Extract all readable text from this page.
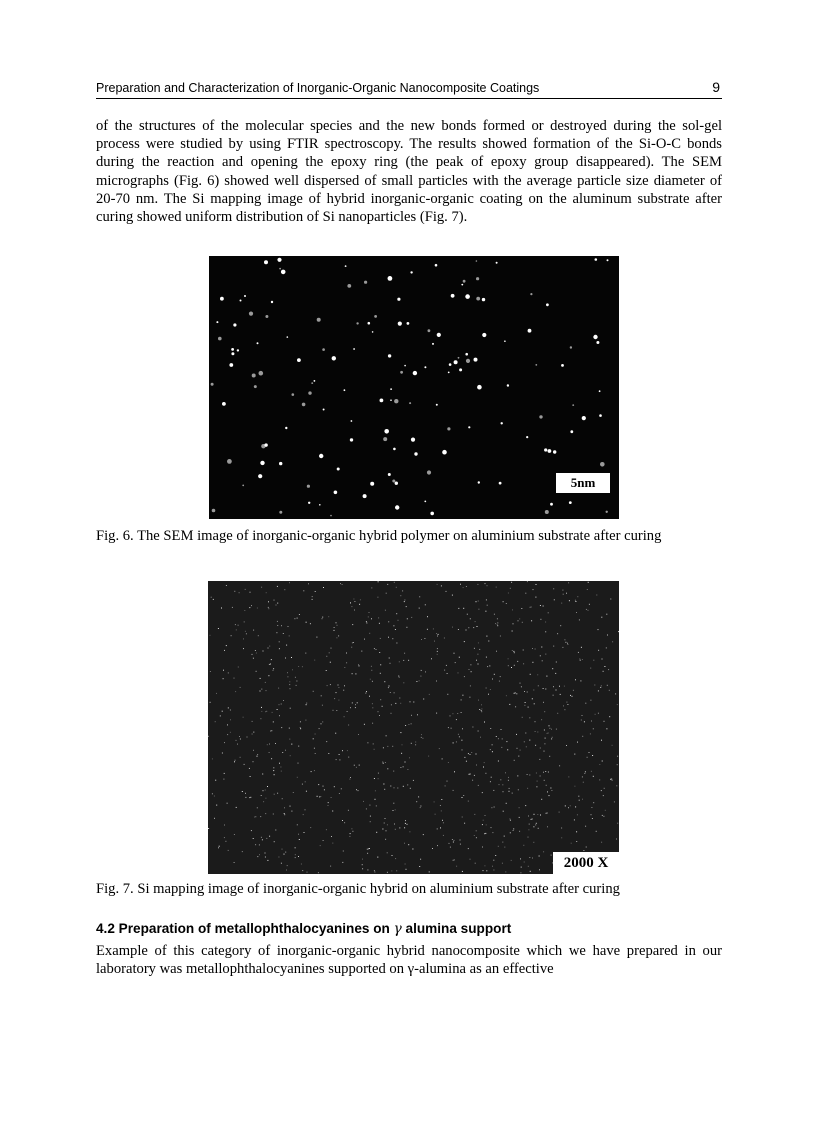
Preparation and Characterization of Inorganic-Organic Nanocomposite Coatings	9

of the structures of the molecular species and the new bonds formed or destroyed during the sol-gel process were studied by using FTIR spectroscopy. The results showed formation of the Si-O-C bonds during the reaction and opening the epoxy ring (the peak of epoxy group disappeared). The SEM micrographs (Fig. 6) showed well dispersed of small particles with the average particle size diameter of 20-70 nm. The Si mapping image of hybrid inorganic-organic coating on the aluminum substrate after curing showed uniform distribution of Si nanoparticles (Fig. 7).

5nm

Fig. 6. The SEM image of inorganic-organic hybrid polymer on aluminium substrate after curing

2000 X

Fig. 7. Si mapping image of inorganic-organic hybrid on aluminium substrate after curing

4.2 Preparation of metallophthalocyanines on γ alumina support

Example of this category of inorganic-organic hybrid nanocomposite which we have prepared in our laboratory was metallophthalocyanines supported on γ-alumina as an effective
